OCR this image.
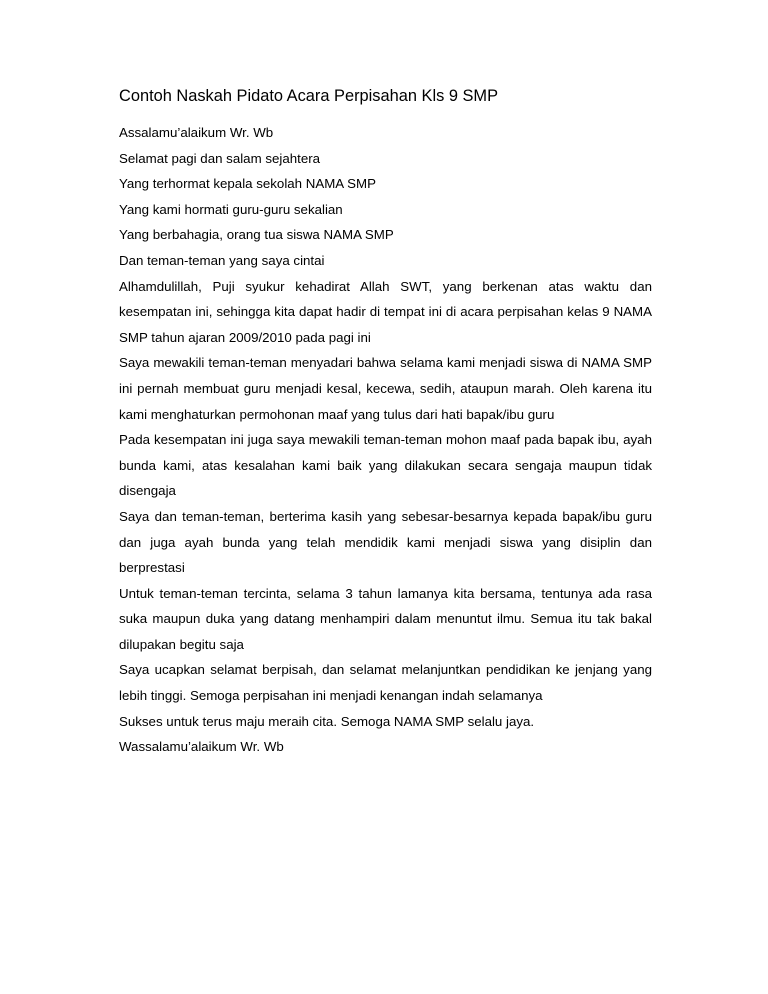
Contoh Naskah Pidato Acara Perpisahan Kls 9 SMP

Assalamu’alaikum Wr. Wb

Selamat pagi dan salam sejahtera

Yang terhormat kepala sekolah NAMA SMP

Yang kami hormati guru-guru sekalian

Yang berbahagia, orang tua siswa NAMA SMP

Dan teman-teman yang saya cintai

Alhamdulillah, Puji syukur kehadirat Allah SWT, yang berkenan atas waktu dan kesempatan ini, sehingga kita dapat hadir di tempat ini di acara perpisahan kelas 9 NAMA SMP tahun ajaran 2009/2010 pada pagi ini

Saya mewakili teman-teman menyadari bahwa selama kami menjadi siswa di NAMA SMP ini pernah membuat guru menjadi kesal, kecewa, sedih, ataupun marah. Oleh karena itu kami menghaturkan permohonan maaf yang tulus dari hati bapak/ibu guru

Pada kesempatan ini juga saya mewakili teman-teman mohon maaf pada bapak ibu, ayah bunda kami, atas kesalahan kami baik yang dilakukan secara sengaja maupun tidak disengaja

Saya dan teman-teman, berterima kasih yang sebesar-besarnya kepada bapak/ibu guru dan juga ayah bunda yang telah mendidik kami menjadi siswa yang disiplin dan berprestasi

Untuk teman-teman tercinta, selama 3 tahun lamanya kita bersama, tentunya ada rasa suka maupun duka yang datang menhampiri dalam menuntut ilmu. Semua itu tak bakal dilupakan begitu saja

Saya ucapkan selamat berpisah, dan selamat melanjuntkan pendidikan ke jenjang yang lebih tinggi. Semoga perpisahan ini menjadi kenangan indah selamanya

Sukses untuk terus maju meraih cita. Semoga NAMA SMP selalu jaya.

Wassalamu’alaikum Wr. Wb
